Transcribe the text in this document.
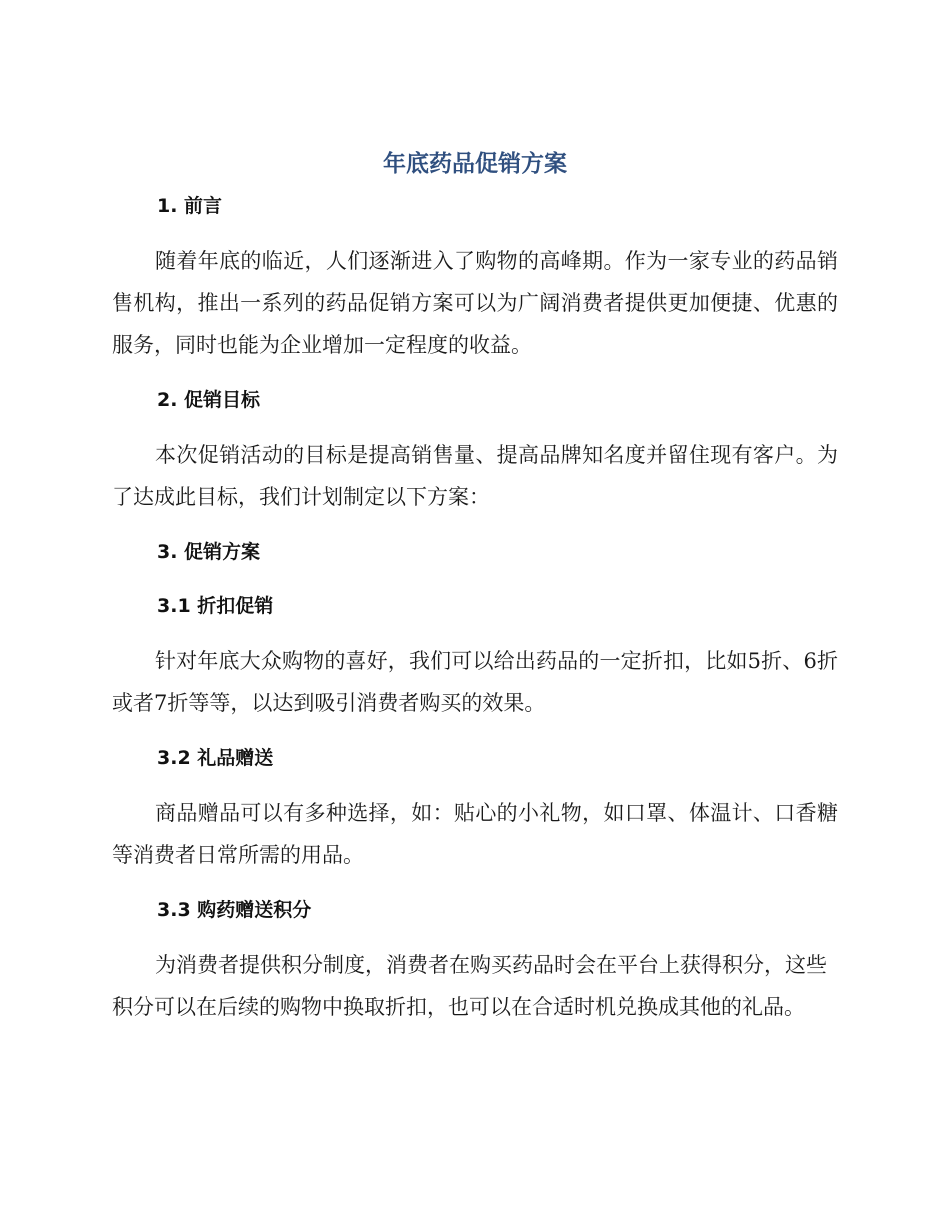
年底药品促销方案
1. 前言

随着年底的临近，人们逐渐进入了购物的高峰期。作为一家专业的药品销售机构，推出一系列的药品促销方案可以为广阔消费者提供更加便捷、优惠的服务，同时也能为企业增加一定程度的收益。

2. 促销目标

本次促销活动的目标是提高销售量、提高品牌知名度并留住现有客户。为了达成此目标，我们计划制定以下方案：

3. 促销方案
3.1 折扣促销

针对年底大众购物的喜好，我们可以给出药品的一定折扣，比如5折、6折或者7折等等，以达到吸引消费者购买的效果。

3.2 礼品赠送

商品赠品可以有多种选择，如：贴心的小礼物，如口罩、体温计、口香糖等消费者日常所需的用品。

3.3 购药赠送积分

为消费者提供积分制度，消费者在购买药品时会在平台上获得积分，这些积分可以在后续的购物中换取折扣，也可以在合适时机兑换成其他的礼品。
